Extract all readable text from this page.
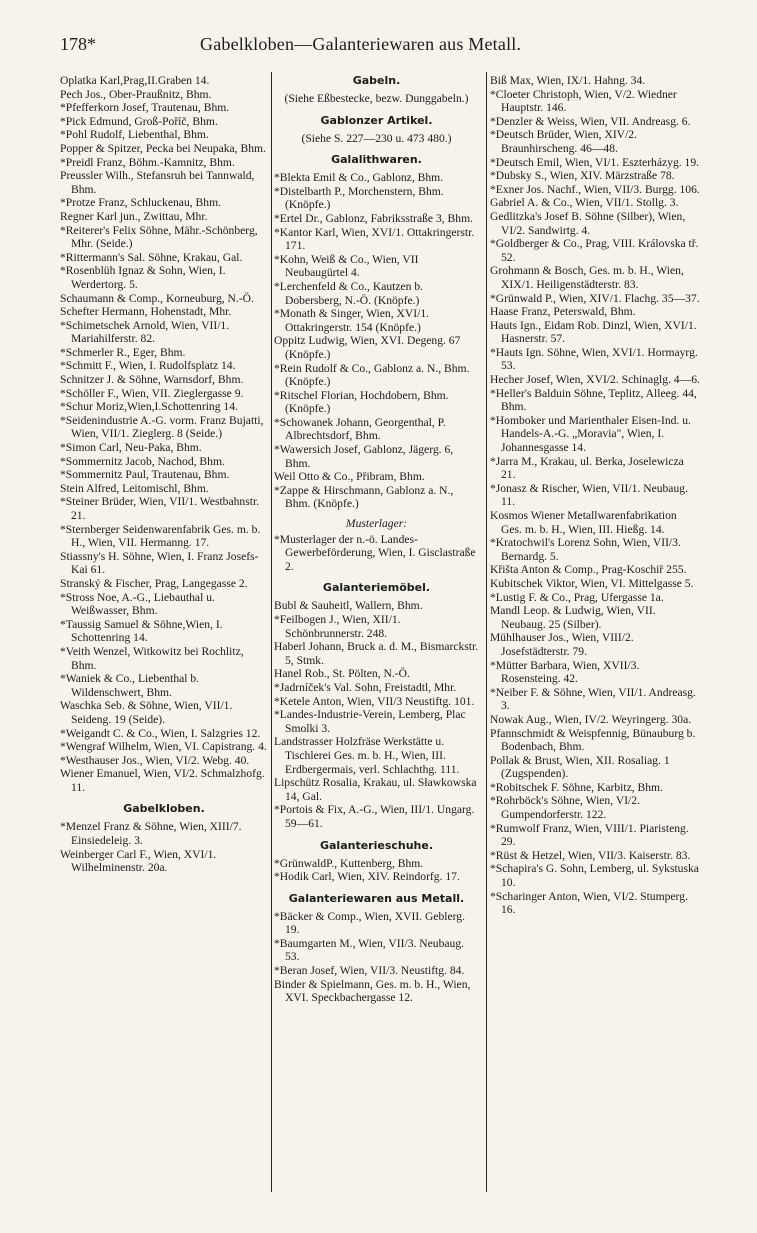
178*	Gabelkloben—Galanteriewaren aus Metall.

Oplatka Karl,Prag,II.Graben 14.

Pech Jos., Ober-Praußnitz, Bhm.

*Pfefferkorn Josef, Trautenau, Bhm.

*Pick Edmund, Groß-Poříč, Bhm.

*Pohl Rudolf, Liebenthal, Bhm.

Popper & Spitzer, Pecka bei Neupaka, Bhm.

*Preidl Franz, Böhm.-Kamnitz, Bhm.

Preussler Wilh., Stefansruh bei Tannwald, Bhm.

*Protze Franz, Schluckenau, Bhm.

Regner Karl jun., Zwittau, Mhr.

*Reiterer's Felix Söhne, Mähr.-Schönberg, Mhr. (Seide.)

*Rittermann's Sal. Söhne, Krakau, Gal.

*Rosenblüh Ignaz & Sohn, Wien, I. Werdertorg. 5.

Schaumann & Comp., Korneuburg, N.-Ö.

Schefter Hermann, Hohenstadt, Mhr.

*Schimetschek Arnold, Wien, VII/1. Mariahilferstr. 82.

*Schmerler R., Eger, Bhm.

*Schmitt F., Wien, I. Rudolfsplatz 14.

Schnitzer J. & Söhne, Warnsdorf, Bhm.

*Schöller F., Wien, VII. Zieglergasse 9.

*Schur Moriz,Wien,I.Schottenring 14.

*Seidenindustrie A.-G. vorm. Franz Bujatti, Wien, VII/1. Zieglerg. 8 (Seide.)

*Simon Carl, Neu-Paka, Bhm.

*Sommernitz Jacob, Nachod, Bhm.

*Sommernitz Paul, Trautenau, Bhm.

Stein Alfred, Leitomischl, Bhm.

*Steiner Brüder, Wien, VII/1. Westbahnstr. 21.

*Sternberger Seidenwarenfabrik Ges. m. b. H., Wien, VII. Hermanng. 17.

Stiassny's H. Söhne, Wien, I. Franz Josefs-Kai 61.

Stranský & Fischer, Prag, Langegasse 2.

*Stross Noe, A.-G., Liebauthal u. Weißwasser, Bhm.

*Taussig Samuel & Söhne,Wien, I. Schottenring 14.

*Veith Wenzel, Witkowitz bei Rochlitz, Bhm.

*Waniek & Co., Liebenthal b. Wildenschwert, Bhm.

Waschka Seb. & Söhne, Wien, VII/1. Seideng. 19 (Seide).

*Weigandt C. & Co., Wien, I. Salzgries 12.

*Wengraf Wilhelm, Wien, VI. Capistrang. 4.

*Westhauser Jos., Wien, VI/2. Webg. 40.

Wiener Emanuel, Wien, VI/2. Schmalzhofg. 11.

Gabelkloben.

*Menzel Franz & Söhne, Wien, XIII/7. Einsiedeleig. 3.

Weinberger Carl F., Wien, XVI/1. Wilhelminenstr. 20a.

Gabeln.

(Siehe Eßbestecke, bezw. Dunggabeln.)

Gablonzer Artikel.

(Siehe S. 227—230 u. 473 480.)

Galalithwaren.

*Blekta Emil & Co., Gablonz, Bhm.

*Distelbarth P., Morchenstern, Bhm. (Knöpfe.)

*Ertel Dr., Gablonz, Fabriksstraße 3, Bhm.

*Kantor Karl, Wien, XVI/1. Ottakringerstr. 171.

*Kohn, Weiß & Co., Wien, VII Neubaugürtel 4.

*Lerchenfeld & Co., Kautzen b. Dobersberg, N.-Ö. (Knöpfe.)

*Monath & Singer, Wien, XVI/1. Ottakringerstr. 154 (Knöpfe.)

Oppitz Ludwig, Wien, XVI. Degeng. 67 (Knöpfe.)

*Rein Rudolf & Co., Gablonz a. N., Bhm. (Knöpfe.)

*Ritschel Florian, Hochdobern, Bhm. (Knöpfe.)

*Schowanek Johann, Georgenthal, P. Albrechtsdorf, Bhm.

*Wawersich Josef, Gablonz, Jägerg. 6, Bhm.

Weil Otto & Co., Přibram, Bhm.

*Zappe & Hirschmann, Gablonz a. N., Bhm. (Knöpfe.)

Musterlager:

*Musterlager der n.-ö. Landes-Gewerbeförderung, Wien, I. Gisclastraße 2.

Galanteriemöbel.

Bubl & Sauheitl, Wallern, Bhm.

*Feilbogen J., Wien, XII/1. Schönbrunnerstr. 248.

Haberl Johann, Bruck a. d. M., Bismarckstr. 5, Stmk.

Hanel Rob., St. Pölten, N.-Ö.

*Jadrníček's Val. Sohn, Freistadtl, Mhr.

*Ketele Anton, Wien, VII/3 Neustiftg. 101.

*Landes-Industrie-Verein, Lemberg, Plac Smolki 3.

Landstrasser Holzfräse Werkstätte u. Tischlerei Ges. m. b. H., Wien, III. Erdbergermais, verl. Schlachthg. 111.

Lipschütz Rosalia, Krakau, ul. Sławkowska 14, Gal.

*Portois & Fix, A.-G., Wien, III/1. Ungarg. 59—61.

Galanterieschuhe.

*GrünwaldP., Kuttenberg, Bhm.

*Hodik Carl, Wien, XIV. Reindorfg. 17.

Galanteriewaren aus Metall.

*Bäcker & Comp., Wien, XVII. Geblerg. 19.

*Baumgarten M., Wien, VII/3. Neubaug. 53.

*Beran Josef, Wien, VII/3. Neustiftg. 84.

Binder & Spielmann, Ges. m. b. H., Wien, XVI. Speckbachergasse 12.

Biß Max, Wien, IX/1. Hahng. 34.

*Cloeter Christoph, Wien, V/2. Wiedner Hauptstr. 146.

*Denzler & Weiss, Wien, VII. Andreasg. 6.

*Deutsch Brüder, Wien, XIV/2. Braunhirscheng. 46—48.

*Deutsch Emil, Wien, VI/1. Eszterházyg. 19.

*Dubsky S., Wien, XIV. Märzstraße 78.

*Exner Jos. Nachf., Wien, VII/3. Burgg. 106.

Gabriel A. & Co., Wien, VII/1. Stollg. 3.

Gedlitzka's Josef B. Söhne (Silber), Wien, VI/2. Sandwirtg. 4.

*Goldberger & Co., Prag, VIII. Královska tř. 52.

Grohmann & Bosch, Ges. m. b. H., Wien, XIX/1. Heiligenstädterstr. 83.

*Grünwald P., Wien, XIV/1. Flachg. 35—37.

Haase Franz, Peterswald, Bhm.

Hauts Ign., Eidam Rob. Dinzl, Wien, XVI/1. Hasnerstr. 57.

*Hauts Ign. Söhne, Wien, XVI/1. Hormayrg. 53.

Hecher Josef, Wien, XVI/2. Schinaglg. 4—6.

*Heller's Balduin Söhne, Teplitz, Alleeg. 44, Bhm.

*Homboker und Marienthaler Eisen-Ind. u. Handels-A.-G. „Moravia", Wien, I. Johannesgasse 14.

*Jarra M., Krakau, ul. Berka, Joselewicza 21.

*Jonasz & Rischer, Wien, VII/1. Neubaug. 11.

Kosmos Wiener Metallwarenfabrikation Ges. m. b. H., Wien, III. Hießg. 14.

*Kratochwil's Lorenz Sohn, Wien, VII/3. Bernardg. 5.

Křišta Anton & Comp., Prag-Koschiř 255.

Kubitschek Viktor, Wien, VI. Mittelgasse 5.

*Lustig F. & Co., Prag, Ufergasse 1a.

Mandl Leop. & Ludwig, Wien, VII. Neubaug. 25 (Silber).

Mühlhauser Jos., Wien, VIII/2. Josefstädterstr. 79.

*Mütter Barbara, Wien, XVII/3. Rosensteing. 42.

*Neiber F. & Söhne, Wien, VII/1. Andreasg. 3.

Nowak Aug., Wien, IV/2. Weyringerg. 30a.

Pfannschmidt & Weispfennig, Bünauburg b. Bodenbach, Bhm.

Pollak & Brust, Wien, XII. Rosaliag. 1 (Zugspenden).

*Robitschek F. Söhne, Karbitz, Bhm.

*Rohrböck's Söhne, Wien, VI/2. Gumpendorferstr. 122.

*Rumwolf Franz, Wien, VIII/1. Piaristeng. 29.

*Rüst & Hetzel, Wien, VII/3. Kaiserstr. 83.

*Schapira's G. Sohn, Lemberg, ul. Sykstuska 10.

*Scharinger Anton, Wien, VI/2. Stumperg. 16.
